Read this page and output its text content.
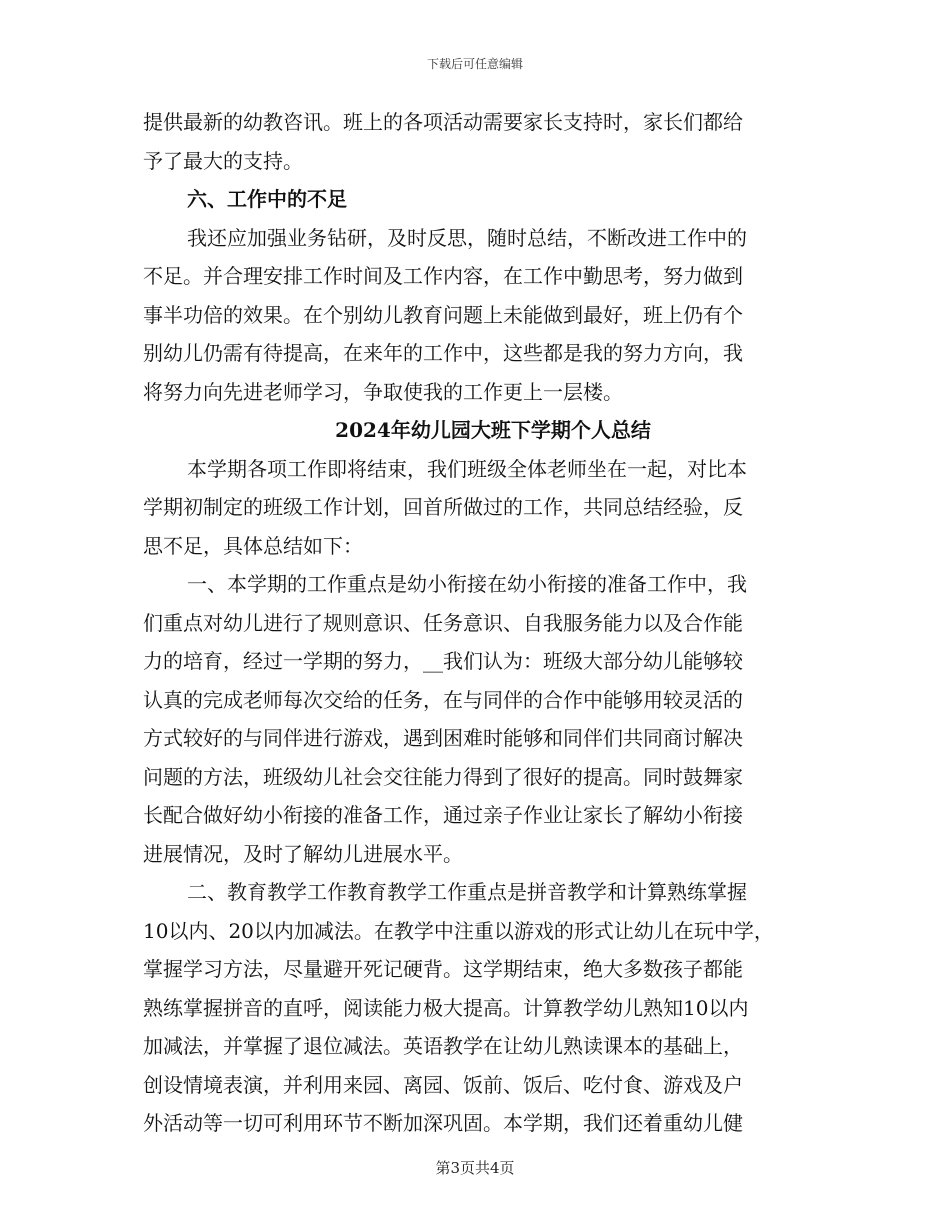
下载后可任意编辑
提供最新的幼教咨讯。班上的各项活动需要家长支持时，家长们都给
予了最大的支持。
六、工作中的不足
我还应加强业务钻研，及时反思，随时总结，不断改进工作中的
不足。并合理安排工作时间及工作内容，在工作中勤思考，努力做到
事半功倍的效果。在个别幼儿教育问题上未能做到最好，班上仍有个
别幼儿仍需有待提高，在来年的工作中，这些都是我的努力方向，我
将努力向先进老师学习，争取使我的工作更上一层楼。
2024年幼儿园大班下学期个人总结
本学期各项工作即将结束，我们班级全体老师坐在一起，对比本
学期初制定的班级工作计划，回首所做过的工作，共同总结经验，反
思不足，具体总结如下：
一、本学期的工作重点是幼小衔接在幼小衔接的准备工作中，我
们重点对幼儿进行了规则意识、任务意识、自我服务能力以及合作能
力的培育，经过一学期的努力，__我们认为：班级大部分幼儿能够较
认真的完成老师每次交给的任务，在与同伴的合作中能够用较灵活的
方式较好的与同伴进行游戏，遇到困难时能够和同伴们共同商讨解决
问题的方法，班级幼儿社会交往能力得到了很好的提高。同时鼓舞家
长配合做好幼小衔接的准备工作，通过亲子作业让家长了解幼小衔接
进展情况，及时了解幼儿进展水平。
二、教育教学工作教育教学工作重点是拼音教学和计算熟练掌握
10以内、20以内加减法。在教学中注重以游戏的形式让幼儿在玩中学，
掌握学习方法，尽量避开死记硬背。这学期结束，绝大多数孩子都能
熟练掌握拼音的直呼，阅读能力极大提高。计算教学幼儿熟知10以内
加减法，并掌握了退位减法。英语教学在让幼儿熟读课本的基础上，
创设情境表演，并利用来园、离园、饭前、饭后、吃付食、游戏及户
外活动等一切可利用环节不断加深巩固。本学期，我们还着重幼儿健
第3页共4页
